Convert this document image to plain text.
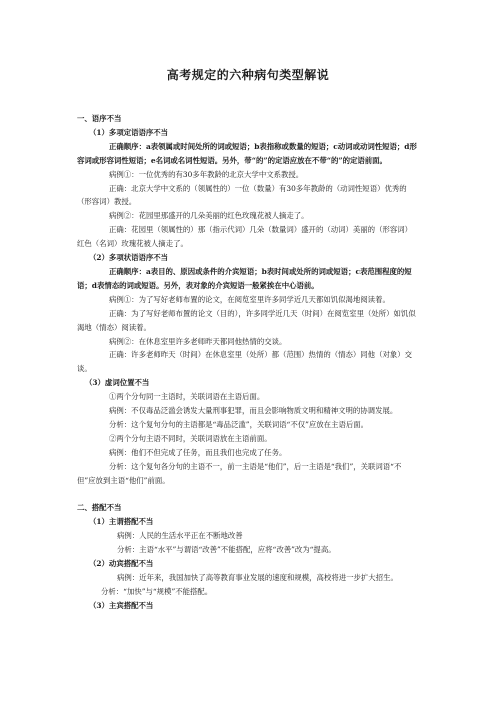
高考规定的六种病句类型解说

一、语序不当

（1）多项定语语序不当

正确顺序：a表领属或时间处所的词或短语；b表指称或数量的短语；c动词或动词性短语；d形容词或形容词性短语；e名词或名词性短语。另外，带“的”的定语应放在不带“的”的定语前面。

病例①：一位优秀的有30多年教龄的北京大学中文系教授。

正确：北京大学中文系的（领属性的）一位（数量）有30多年教龄的（动词性短语）优秀的（形容词）教授。

病例②：花园里那盛开的几朵美丽的红色玫瑰花被人摘走了。

正确：花园里（领属性的）那（指示代词）几朵（数量词）盛开的（动词）美丽的（形容词）红色（名词）玫瑰花被人摘走了。

（2）多项状语语序不当

正确顺序：a表目的、原因或条件的介宾短语；b表时间或处所的词或短语；c表范围程度的短语；d表情态的词或短语。另外，表对象的介宾短语一般紧挨在中心语前。

病例①：为了写好老师布置的论文，在阅览室里许多同学近几天都如饥似渴地阅读着。

正确：为了写好老师布置的论文（目的），许多同学近几天（时间）在阅览室里（处所）如饥似渴地（情态）阅读着。

病例②：在休息室里许多老师昨天都同他热情的交谈。

正确：许多老师昨天（时间）在休息室里（处所）都（范围）热情的（情态）同他（对象）交谈。

（3）虚词位置不当

①两个分句同一主语时，关联词语在主语后面。

病例：不仅毒品泛滥会诱发大量刑事犯罪，而且会影响物质文明和精神文明的协调发展。

分析：这个复句分句的主语都是“毒品泛滥”，关联词语“不仅”应放在主语后面。

②两个分句主语不同时，关联词语放在主语前面。

病例：他们不但完成了任务，而且我们也完成了任务。

分析：这个复句各分句的主语不一，前一主语是“他们”，后一主语是“我们”，关联词语“不但”应放到主语“他们”前面。

二、搭配不当

（1）主谓搭配不当

病例：人民的生活水平正在不断地改善

分析：主语“水平”与谓语“改善”不能搭配，应将“改善”改为“提高。

（2）动宾搭配不当

病例：近年来，我国加快了高等教育事业发展的速度和规模，高校将进一步扩大招生。

分析：“加快”与“规模”不能搭配。

（3）主宾搭配不当
